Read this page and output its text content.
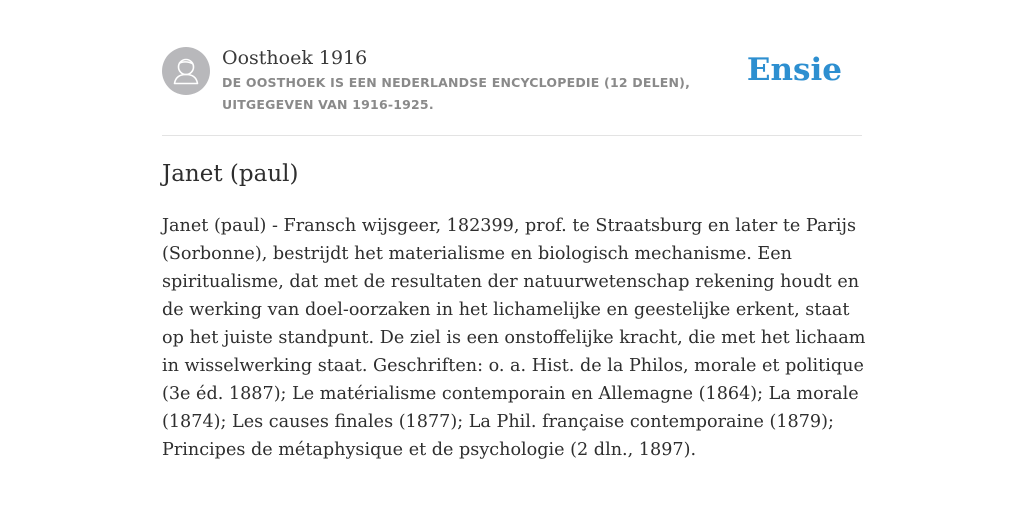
Oosthoek 1916
DE OOSTHOEK IS EEN NEDERLANDSE ENCYCLOPEDIE (12 DELEN), UITGEGEVEN VAN 1916-1925.
Ensie
Janet (paul)

Janet (paul) - Fransch wijsgeer, 182399, prof. te Straatsburg en later te Parijs (Sorbonne), bestrijdt het materialisme en biologisch mechanisme. Een spiritualisme, dat met de resultaten der natuurwetenschap rekening houdt en de werking van doel-oorzaken in het lichamelijke en geestelijke erkent, staat op het juiste standpunt. De ziel is een onstoffelijke kracht, die met het lichaam in wisselwerking staat. Geschriften: o. a. Hist. de la Philos, morale et politique (3e éd. 1887); Le matérialisme contemporain en Allemagne (1864); La morale (1874); Les causes finales (1877); La Phil. française contemporaine (1879); Principes de métaphysique et de psychologie (2 dln., 1897).
